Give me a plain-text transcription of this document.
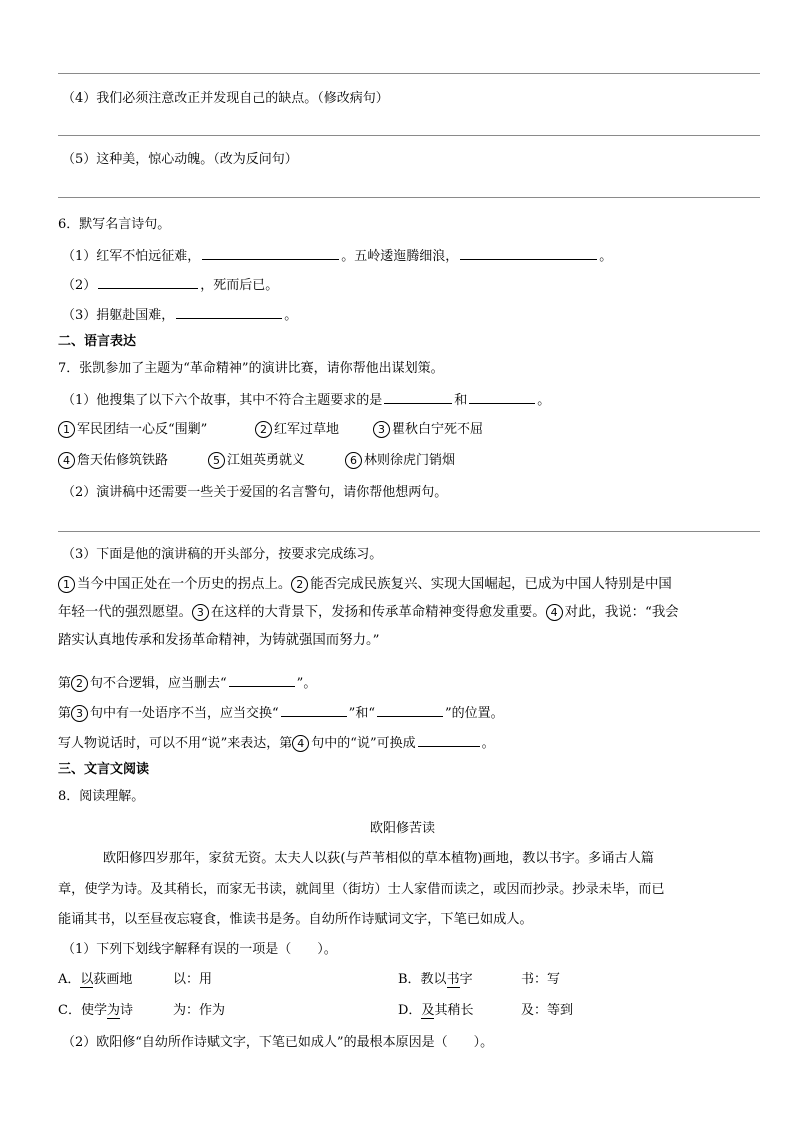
（4）我们必须注意改正并发现自己的缺点。（修改病句）
（5）这种美，惊心动魄。（改为反问句）
6．默写名言诗句。
（1）红军不怕远征难，	。五岭逶迤腾细浪，	。
（2）	，死而后已。
（3）捐躯赴国难，	。
二、语言表达
7．张凯参加了主题为“革命精神”的演讲比赛，请你帮他出谋划策。
（1）他搜集了以下六个故事，其中不符合主题要求的是	和	。
1 军民团结一心反“围剿”	2 红军过草地	3 瞿秋白宁死不屈
4 詹天佑修筑铁路	5 江姐英勇就义	6 林则徐虎门销烟
（2）演讲稿中还需要一些关于爱国的名言警句，请你帮他想两句。
（3）下面是他的演讲稿的开头部分，按要求完成练习。
1 当今中国正处在一个历史的拐点上。 2 能否完成民族复兴、实现大国崛起，已成为中国人特别是中国
年轻一代的强烈愿望。 3 在这样的大背景下，发扬和传承革命精神变得愈发重要。 4 对此，我说：“我会
踏实认真地传承和发扬革命精神，为铸就强国而努力。”
第 2 句不合逻辑，应当删去“	”。
第 3 句中有一处语序不当，应当交换“	”和“	”的位置。
写人物说话时，可以不用“说”来表达，第 4 句中的“说”可换成	。
三、文言文阅读
8．阅读理解。
欧阳修苦读
欧阳修四岁那年，家贫无资。太夫人以荻(与芦苇相似的草本植物)画地，教以书字。多诵古人篇
章，使学为诗。及其稍长，而家无书读，就闾里（街坊）士人家借而读之，或因而抄录。抄录未毕，而已
能诵其书，以至昼夜忘寝食，惟读书是务。自幼所作诗赋词文字，下笔已如成人。
（1）下列下划线字解释有误的一项是（　　）。
A．以荻画地	以：用	B．教以书字	书：写
C．使学为诗	为：作为	D．及其稍长	及：等到
（2）欧阳修“自幼所作诗赋文字，下笔已如成人”的最根本原因是（　　）。
